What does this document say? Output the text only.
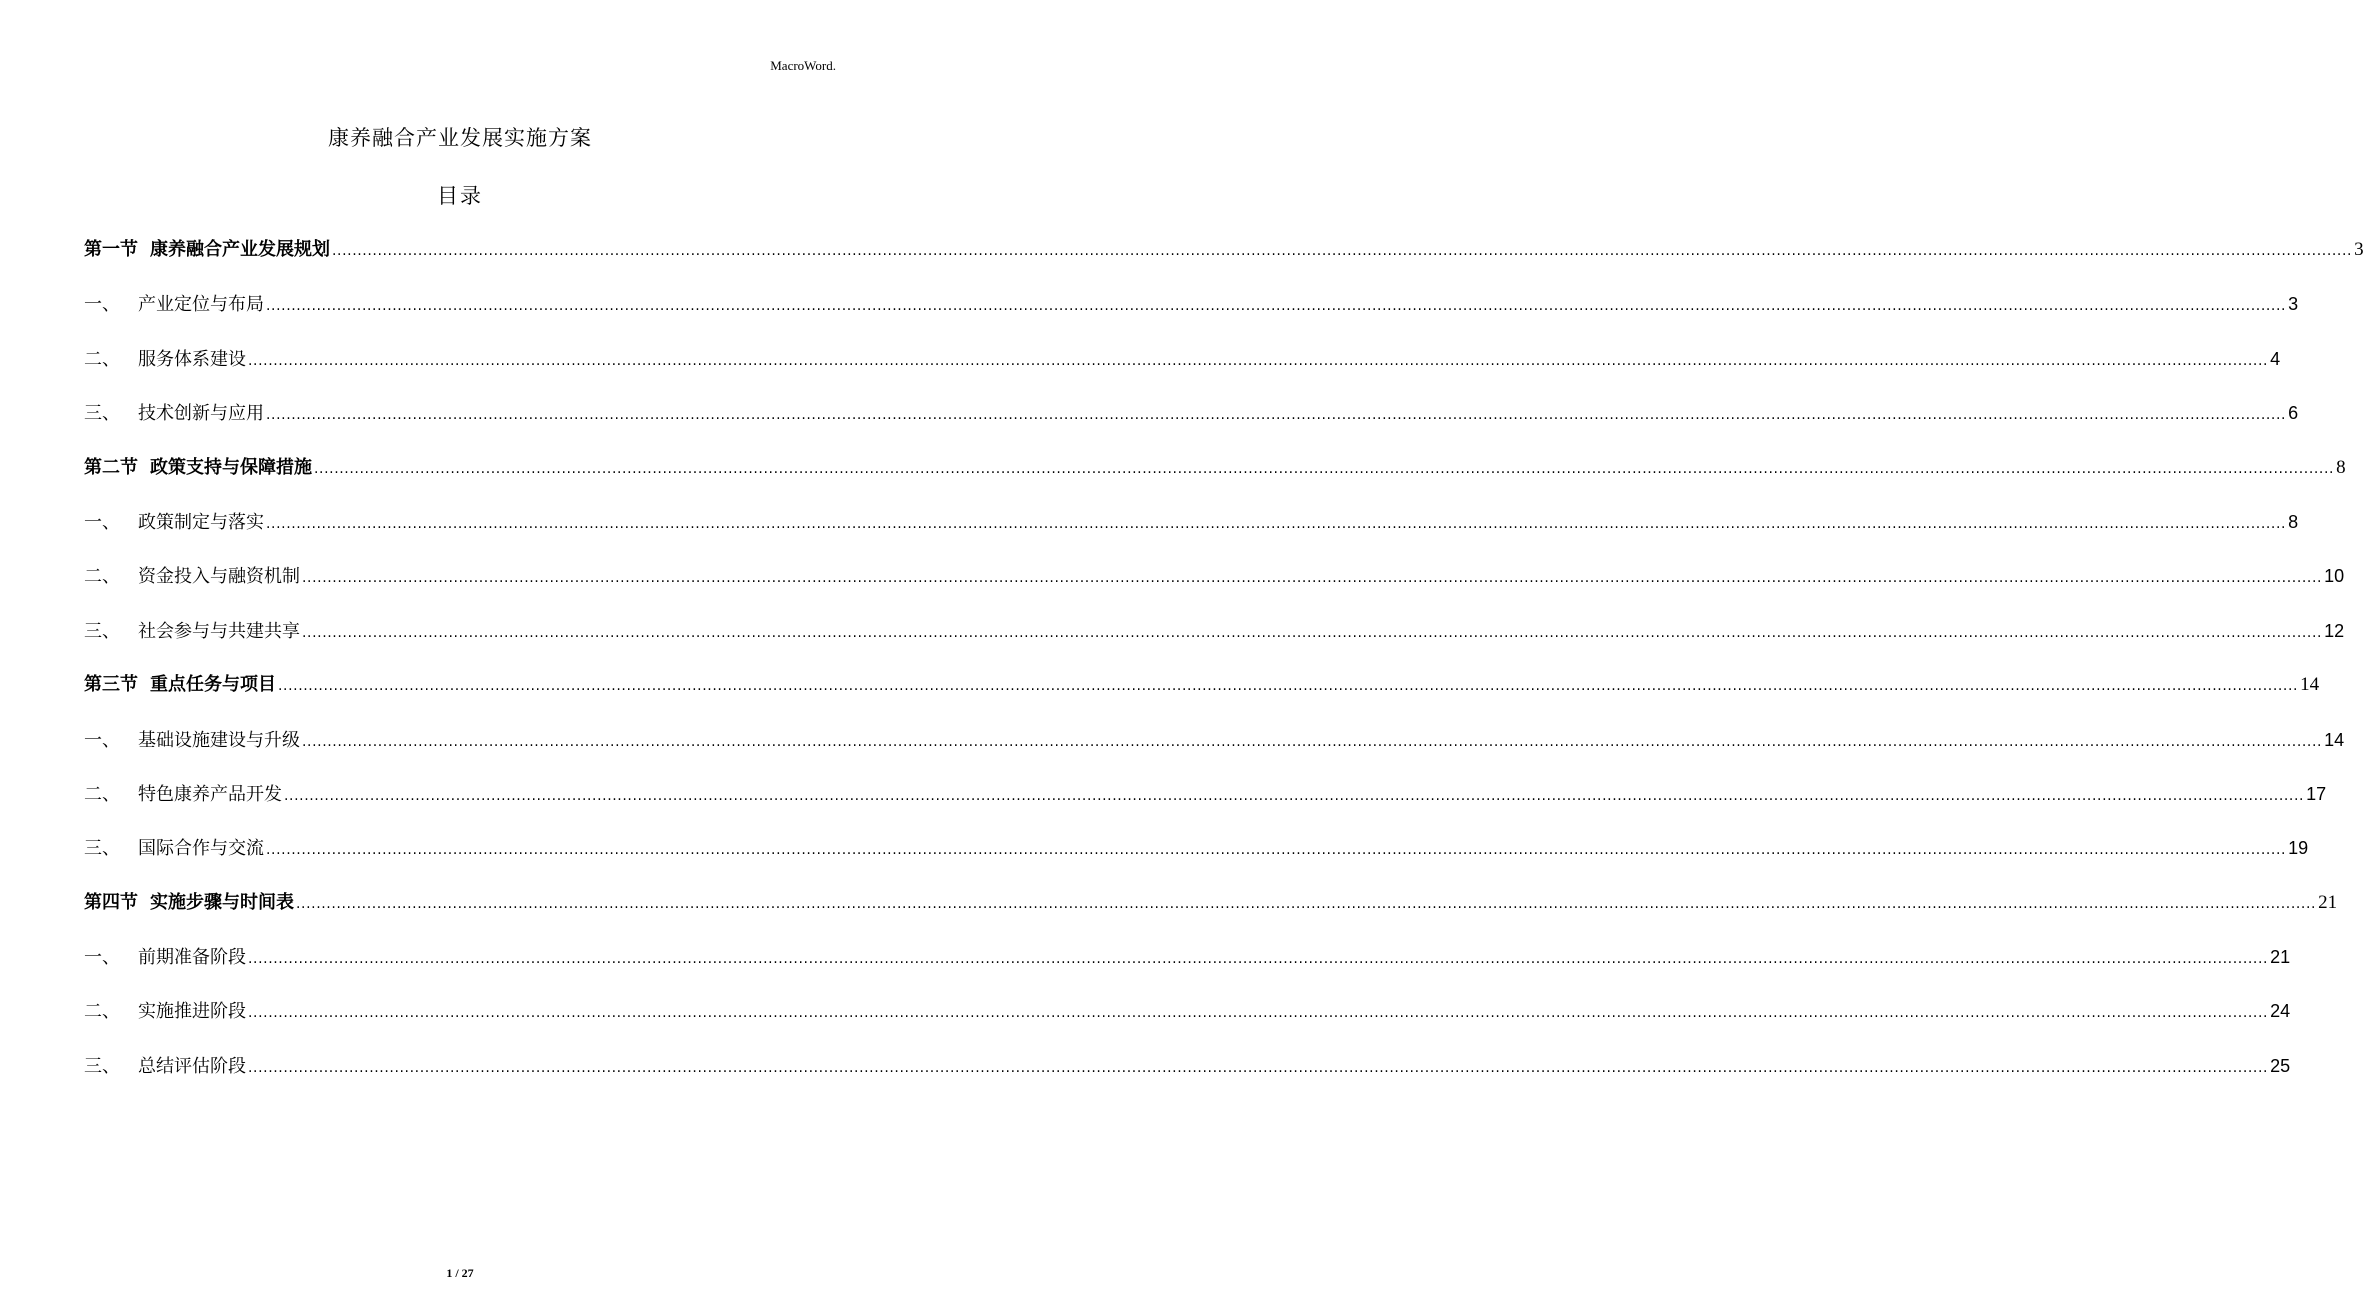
MacroWord.
康养融合产业发展实施方案
目录
第一节 康养融合产业发展规划 ................................................................................................................................................................................................................................................................................................................................................................................................................ 3
一、 产业定位与布局 ................................................................................................................................................................................................................................................................................................................................................................................................................ 3
二、 服务体系建设 ................................................................................................................................................................................................................................................................................................................................................................................................................ 4
三、 技术创新与应用 ................................................................................................................................................................................................................................................................................................................................................................................................................ 6
第二节 政策支持与保障措施 ................................................................................................................................................................................................................................................................................................................................................................................................................ 8
一、 政策制定与落实 ................................................................................................................................................................................................................................................................................................................................................................................................................ 8
二、 资金投入与融资机制 ................................................................................................................................................................................................................................................................................................................................................................................................................ 10
三、 社会参与与共建共享 ................................................................................................................................................................................................................................................................................................................................................................................................................ 12
第三节 重点任务与项目 ................................................................................................................................................................................................................................................................................................................................................................................................................ 14
一、 基础设施建设与升级 ................................................................................................................................................................................................................................................................................................................................................................................................................ 14
二、 特色康养产品开发 ................................................................................................................................................................................................................................................................................................................................................................................................................ 17
三、 国际合作与交流 ................................................................................................................................................................................................................................................................................................................................................................................................................ 19
第四节 实施步骤与时间表 ................................................................................................................................................................................................................................................................................................................................................................................................................ 21
一、 前期准备阶段 ................................................................................................................................................................................................................................................................................................................................................................................................................ 21
二、 实施推进阶段 ................................................................................................................................................................................................................................................................................................................................................................................................................ 24
三、 总结评估阶段 ................................................................................................................................................................................................................................................................................................................................................................................................................ 25
1 / 27
